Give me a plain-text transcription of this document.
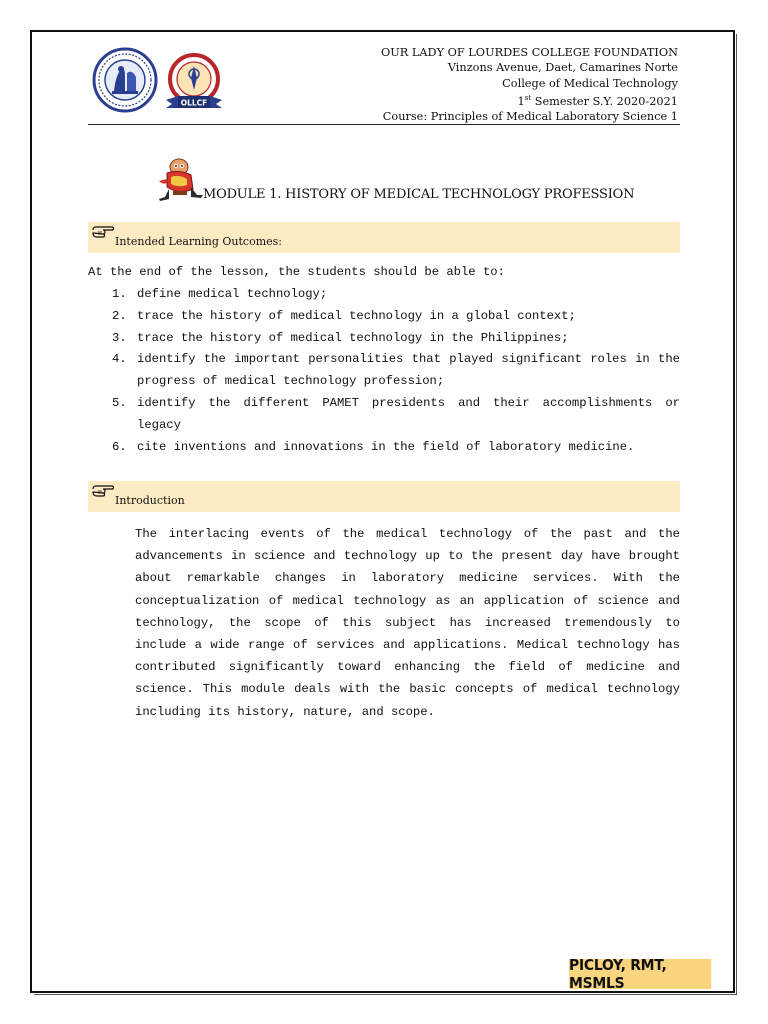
OLLCF
OUR LADY OF LOURDES COLLEGE FOUNDATION
Vinzons Avenue, Daet, Camarines Norte
College of Medical Technology
1st Semester S.Y. 2020-2021
Course: Principles of Medical Laboratory Science 1
MODULE 1. HISTORY OF MEDICAL TECHNOLOGY PROFESSION
Intended Learning Outcomes:
At the end of the lesson, the students should be able to:
1. define medical technology;
2. trace the history of medical technology in a global context;
3. trace the history of medical technology in the Philippines;
4. identify the important personalities that played significant roles in the progress of medical technology profession;
5. identify the different PAMET presidents and their accomplishments or legacy
6. cite inventions and innovations in the field of laboratory medicine.
Introduction

The interlacing events of the medical technology of the past and the advancements in science and technology up to the present day have brought about remarkable changes in laboratory medicine services. With the conceptualization of medical technology as an application of science and technology, the scope of this subject has increased tremendously to include a wide range of services and applications. Medical technology has contributed significantly toward enhancing the field of medicine and science. This module deals with the basic concepts of medical technology including its history, nature, and scope.

PICLOY, RMT, MSMLS
